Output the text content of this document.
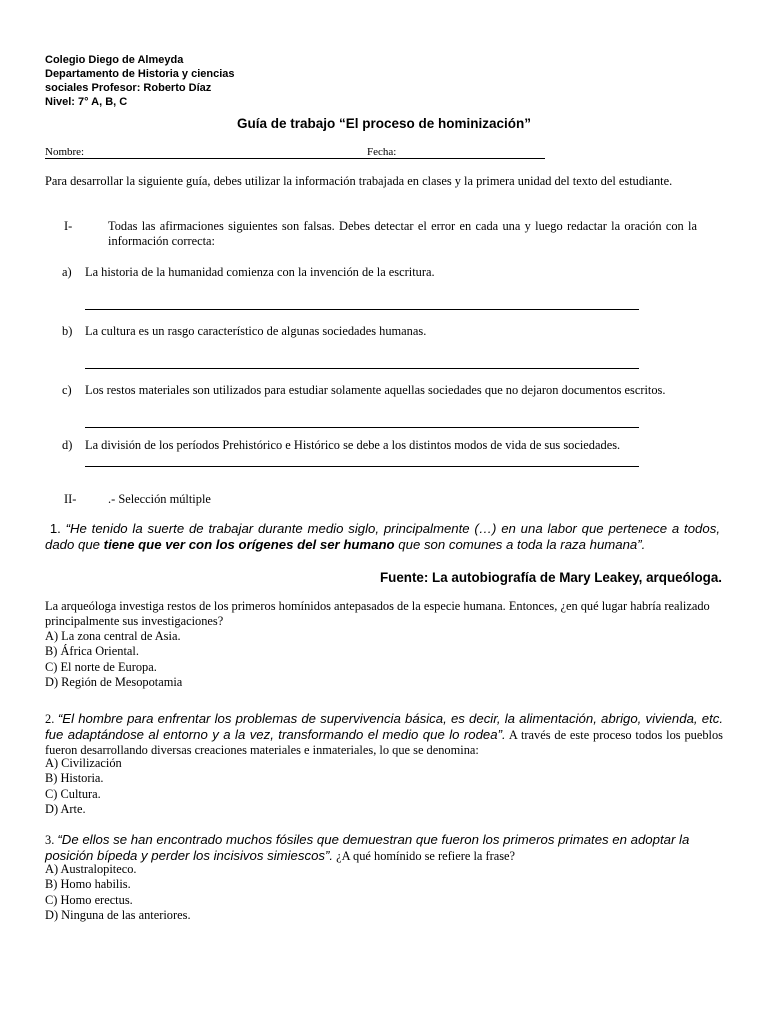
Colegio Diego de Almeyda
Departamento de Historia y ciencias
sociales Profesor: Roberto Díaz
Nivel: 7° A, B, C
Guía de trabajo “El proceso de hominización”
Nombre:	Fecha:
Para desarrollar la siguiente guía, debes utilizar la información trabajada en clases y la primera unidad del texto del estudiante.
I-	Todas las afirmaciones siguientes son falsas. Debes detectar el error en cada una y luego redactar la oración con la información correcta:
a) La historia de la humanidad comienza con la invención de la escritura.
b) La cultura es un rasgo característico de algunas sociedades humanas.
c) Los restos materiales son utilizados para estudiar solamente aquellas sociedades que no dejaron documentos escritos.
d) La división de los períodos Prehistórico e Histórico se debe a los distintos modos de vida de sus sociedades.
II-	.- Selección múltiple
1. “He tenido la suerte de trabajar durante medio siglo, principalmente (…) en una labor que pertenece a todos, dado que tiene que ver con los orígenes del ser humano que son comunes a toda la raza humana”.
Fuente: La autobiografía de Mary Leakey, arqueóloga.
La arqueóloga investiga restos de los primeros homínidos antepasados de la especie humana. Entonces, ¿en qué lugar habría realizado principalmente sus investigaciones?
A) La zona central de Asia.
B) África Oriental.
C) El norte de Europa.
D) Región de Mesopotamia
2. “El hombre para enfrentar los problemas de supervivencia básica, es decir, la alimentación, abrigo, vivienda, etc. fue adaptándose al entorno y a la vez, transformando el medio que lo rodea”. A través de este proceso todos los pueblos fueron desarrollando diversas creaciones materiales e inmateriales, lo que se denomina:
A) Civilización
B) Historia.
C) Cultura.
D) Arte.
3. “De ellos se han encontrado muchos fósiles que demuestran que fueron los primeros primates en adoptar la posición bípeda y perder los incisivos simiescos”. ¿A qué homínido se refiere la frase?
A) Australopiteco.
B) Homo habilis.
C) Homo erectus.
D) Ninguna de las anteriores.
